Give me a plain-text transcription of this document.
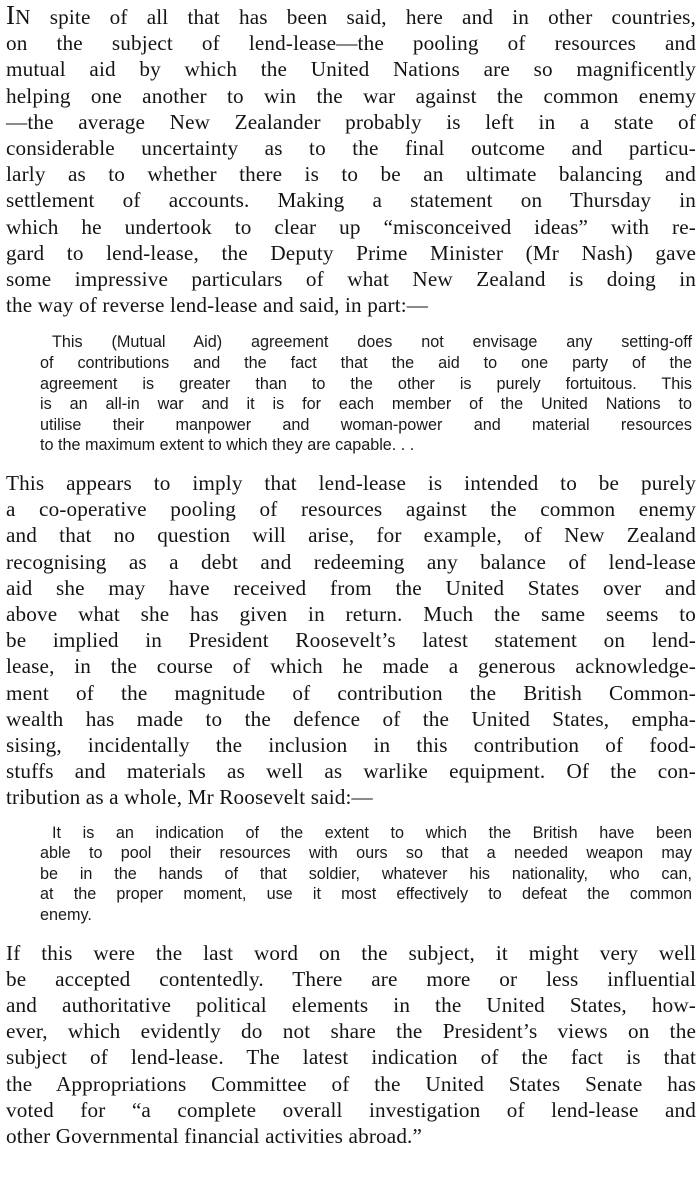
IN spite of all that has been said, here and in other countries,
on the subject of lend-lease—the pooling of resources and
mutual aid by which the United Nations are so magnificently
helping one another to win the war against the common enemy
—the average New Zealander probably is left in a state of
considerable uncertainty as to the final outcome and particu-
larly as to whether there is to be an ultimate balancing and
settlement of accounts. Making a statement on Thursday in
which he undertook to clear up “misconceived ideas” with re-
gard to lend-lease, the Deputy Prime Minister (Mr Nash) gave
some impressive particulars of what New Zealand is doing in
the way of reverse lend-lease and said, in part:—
This (Mutual Aid) agreement does not envisage any setting-off
of contributions and the fact that the aid to one party of the
agreement is greater than to the other is purely fortuitous. This
is an all-in war and it is for each member of the United Nations to
utilise their manpower and woman-power and material resources
to the maximum extent to which they are capable. . .
This appears to imply that lend-lease is intended to be purely
a co-operative pooling of resources against the common enemy
and that no question will arise, for example, of New Zealand
recognising as a debt and redeeming any balance of lend-lease
aid she may have received from the United States over and
above what she has given in return. Much the same seems to
be implied in President Roosevelt’s latest statement on lend-
lease, in the course of which he made a generous acknowledge-
ment of the magnitude of contribution the British Common-
wealth has made to the defence of the United States, empha-
sising, incidentally the inclusion in this contribution of food-
stuffs and materials as well as warlike equipment. Of the con-
tribution as a whole, Mr Roosevelt said:—
It is an indication of the extent to which the British have been
able to pool their resources with ours so that a needed weapon may
be in the hands of that soldier, whatever his nationality, who can,
at the proper moment, use it most effectively to defeat the common
enemy.
If this were the last word on the subject, it might very well
be accepted contentedly. There are more or less influential
and authoritative political elements in the United States, how-
ever, which evidently do not share the President’s views on the
subject of lend-lease. The latest indication of the fact is that
the Appropriations Committee of the United States Senate has
voted for “a complete overall investigation of lend-lease and
other Governmental financial activities abroad.”
